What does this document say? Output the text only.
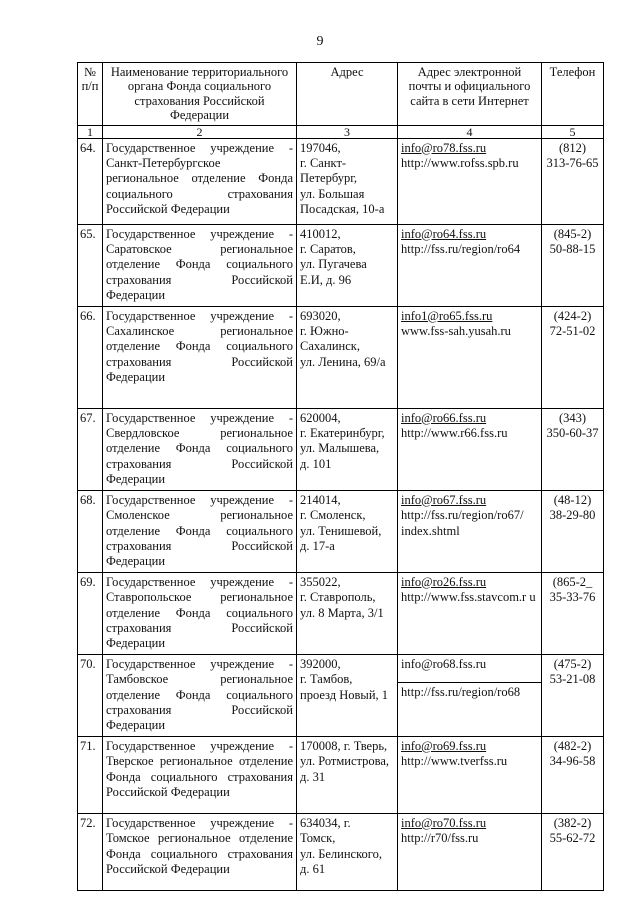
9
№ п/п	Наименование территориального органа Фонда социального страхования Российской Федерации	Адрес	Адрес электронной почты и официального сайта в сети Интернет	Телефон
1	2	3	4	5
64.	Государственное учреждение - Санкт-Петербургское региональное отделение Фонда социального страхования Российской Федерации	197046,
г. Санкт-
Петербург,
ул. Большая
Посадская, 10-а	info@ro78.fss.ru
http://www.rofss.spb.ru	(812)
313-76-65

65.	Государственное учреждение - Саратовское региональное отделение Фонда социального страхования Российской Федерации	410012,
г. Саратов,
ул. Пугачева
Е.И, д. 96	info@ro64.fss.ru
http://fss.ru/region/ro64	(845-2)
50-88-15

66.	Государственное учреждение - Сахалинское региональное отделение Фонда социального страхования Российской Федерации	693020,
г. Южно-
Сахалинск,
ул. Ленина, 69/а	info1@ro65.fss.ru
www.fss-sah.yusah.ru	(424-2)
72-51-02

67.	Государственное учреждение - Свердловское региональное отделение Фонда социального страхования Российской Федерации	620004,
г. Екатеринбург,
ул. Малышева,
д. 101	info@ro66.fss.ru
http://www.r66.fss.ru	(343)
350-60-37

68.	Государственное учреждение - Смоленское региональное отделение Фонда социального страхования Российской Федерации	214014,
г. Смоленск,
ул. Тенишевой,
д. 17-а	info@ro67.fss.ru
http://fss.ru/region/ro67/ index.shtml	(48-12)
38-29-80

69.	Государственное учреждение - Ставропольское региональное отделение Фонда социального страхования Российской Федерации	355022,
г. Ставрополь,
ул. 8 Марта, 3/1	info@ro26.fss.ru
http://www.fss.stavcom.r u	(865-2_
35-33-76

70.	Государственное учреждение - Тамбовское региональное отделение Фонда социального страхования Российской Федерации	392000,
г. Тамбов,
проезд Новый, 1	info@ro68.fss.ru
http://fss.ru/region/ro68	(475-2)
53-21-08

71.	Государственное учреждение - Тверское региональное отделение Фонда социального страхования Российской Федерации	170008, г. Тверь,
ул. Ротмистрова,
д. 31	info@ro69.fss.ru
http://www.tverfss.ru	(482-2)
34-96-58

72.	Государственное учреждение - Томское региональное отделение Фонда социального страхования Российской Федерации	634034, г.
Томск,
ул. Белинского,
д. 61	info@ro70.fss.ru
http://r70/fss.ru	(382-2)
55-62-72
